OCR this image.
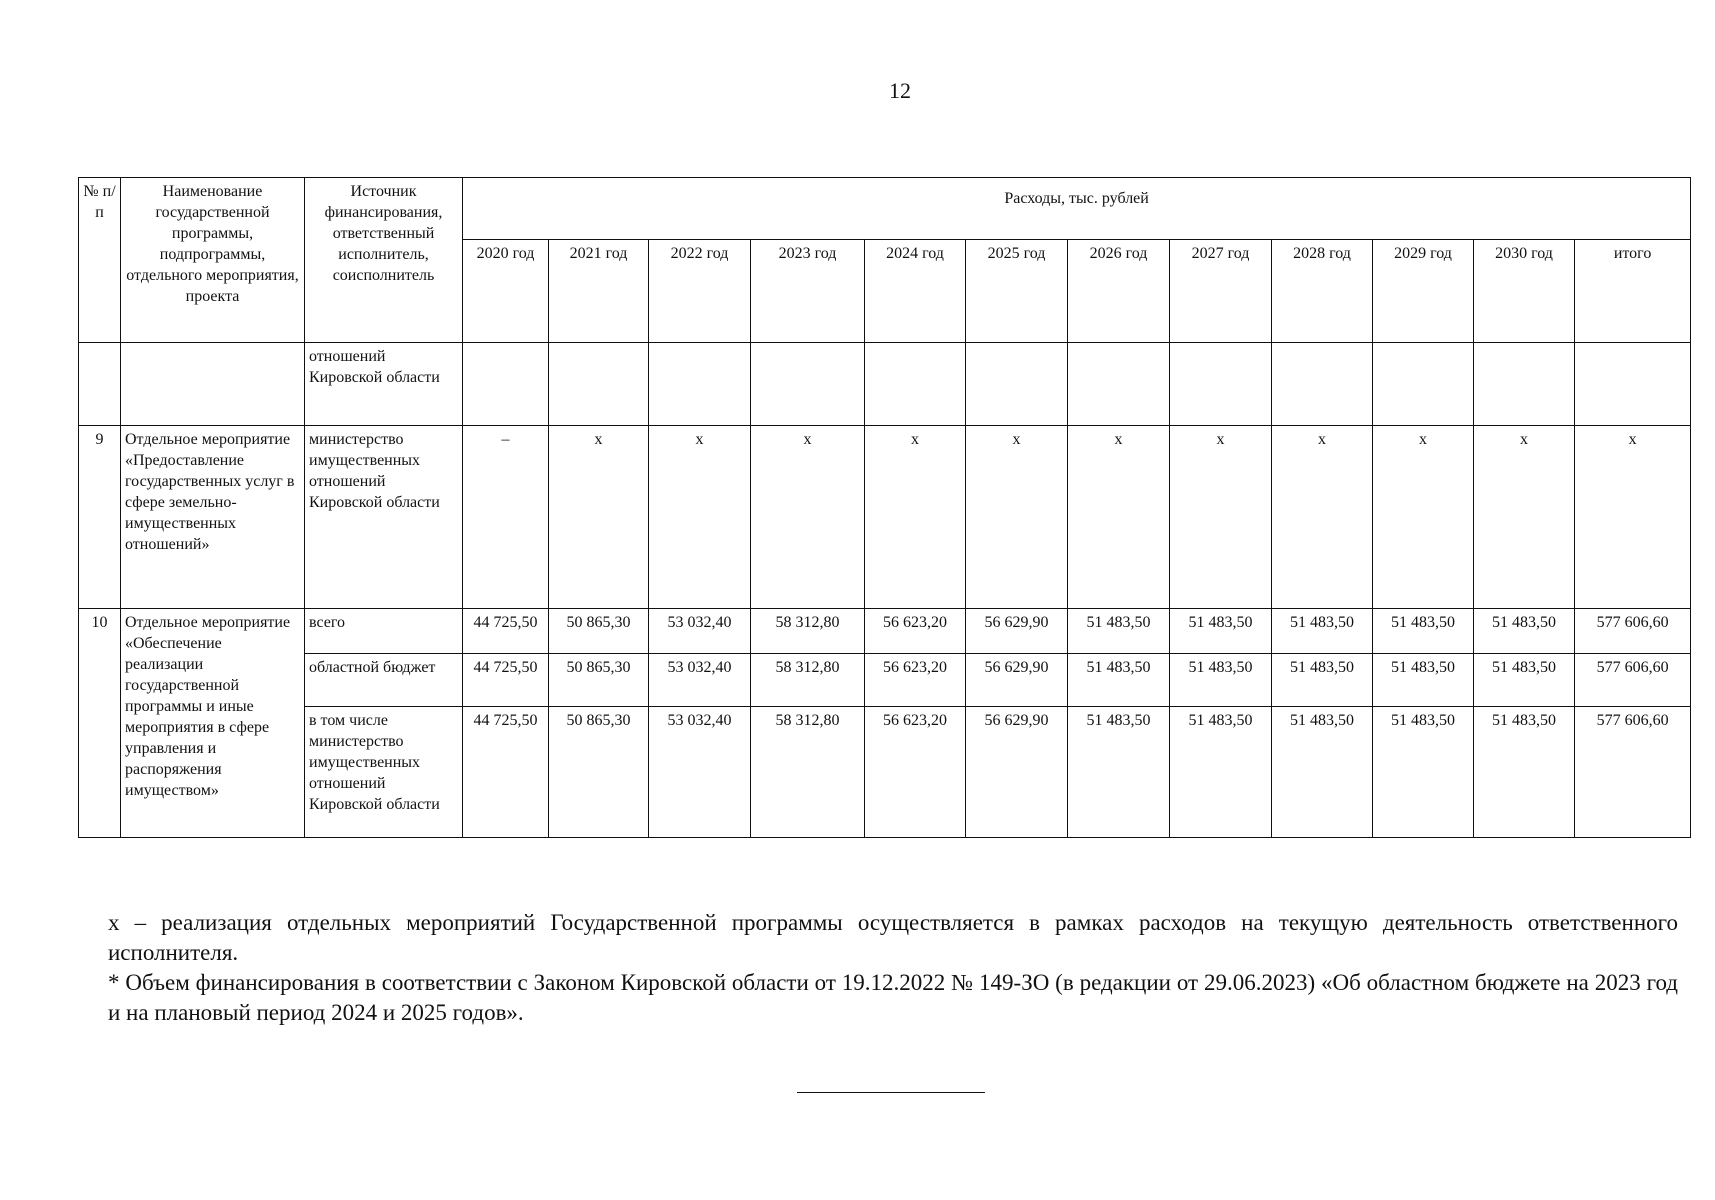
12
№ п/п	Наименование государственной программы, подпрограммы, отдельного мероприятия, проекта	Источник финансирования, ответственный исполнитель, соисполнитель	Расходы, тыс. рублей											
			2020 год	2021 год	2022 год	2023 год	2024 год	2025 год	2026 год	2027 год	2028 год	2029 год	2030 год	итого
		отношений Кировской области												
9	Отдельное мероприятие «Предоставление государственных услуг в сфере земельно-имущественных отношений»	министерство имущественных отношений Кировской области	–	х	х	х	х	х	х	х	х	х	х	х
10	Отдельное мероприятие «Обеспечение реализации государственной программы и иные мероприятия в сфере управления и распоряжения имуществом»	всего	44 725,50	50 865,30	53 032,40	58 312,80	56 623,20	56 629,90	51 483,50	51 483,50	51 483,50	51 483,50	51 483,50	577 606,60
		областной бюджет	44 725,50	50 865,30	53 032,40	58 312,80	56 623,20	56 629,90	51 483,50	51 483,50	51 483,50	51 483,50	51 483,50	577 606,60
		в том числе министерство имущественных отношений Кировской области	44 725,50	50 865,30	53 032,40	58 312,80	56 623,20	56 629,90	51 483,50	51 483,50	51 483,50	51 483,50	51 483,50	577 606,60

х – реализация отдельных мероприятий Государственной программы осуществляется в рамках расходов на текущую деятельность ответственного исполнителя.

* Объем финансирования в соответствии с Законом Кировской области от 19.12.2022 № 149-ЗО (в редакции от 29.06.2023) «Об областном бюджете на 2023 год и на плановый период 2024 и 2025 годов».
